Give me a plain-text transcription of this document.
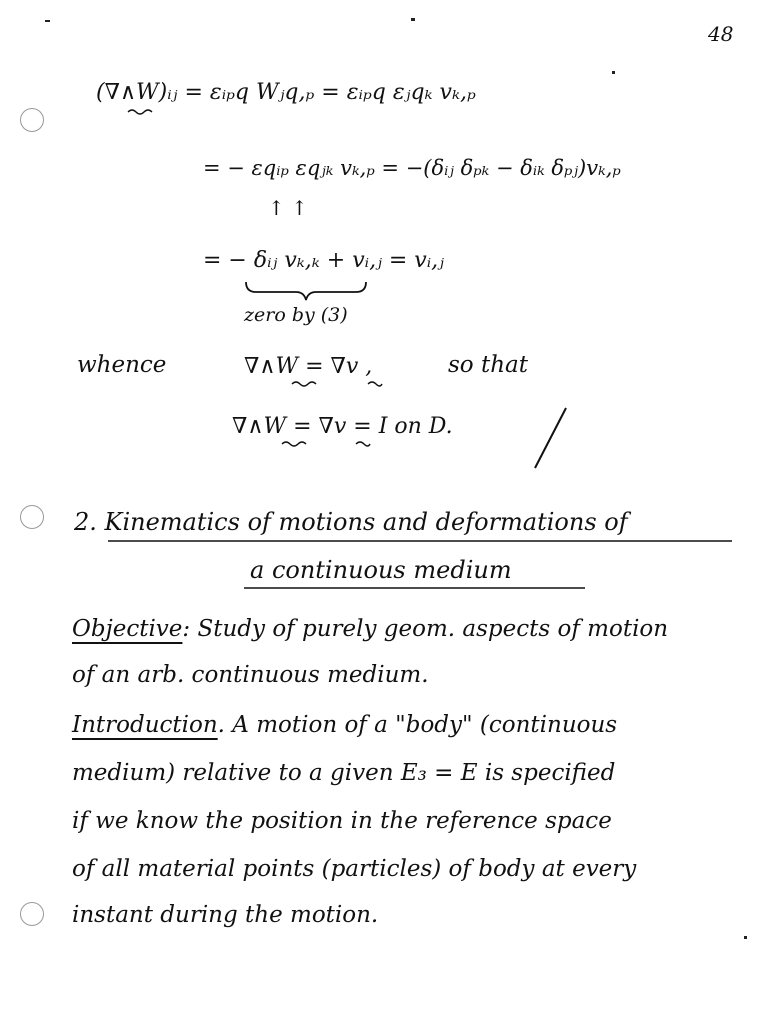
48
(∇∧W)ᵢⱼ = εᵢₚ𝑞 Wⱼ𝑞,ₚ = εᵢₚ𝑞 εⱼ𝑞ₖ vₖ,ₚ
= − ε𝑞ᵢₚ ε𝑞ⱼₖ vₖ,ₚ = −(δᵢⱼ δₚₖ − δᵢₖ δₚⱼ)vₖ,ₚ
↑ ↑
= − δᵢⱼ vₖ,ₖ + vᵢ,ⱼ = vᵢ,ⱼ
zero by (3)
whence	∇∧W = ∇v ,	so that
∇∧W = ∇v = I on D.
2. Kinematics of motions and deformations of
a continuous medium
Objective: Study of purely geom. aspects of motion
of an arb. continuous medium.
Introduction. A motion of a "body" (continuous
medium) relative to a given E₃ = E is specified
if we know the position in the reference space
of all material points (particles) of body at every
instant during the motion.
